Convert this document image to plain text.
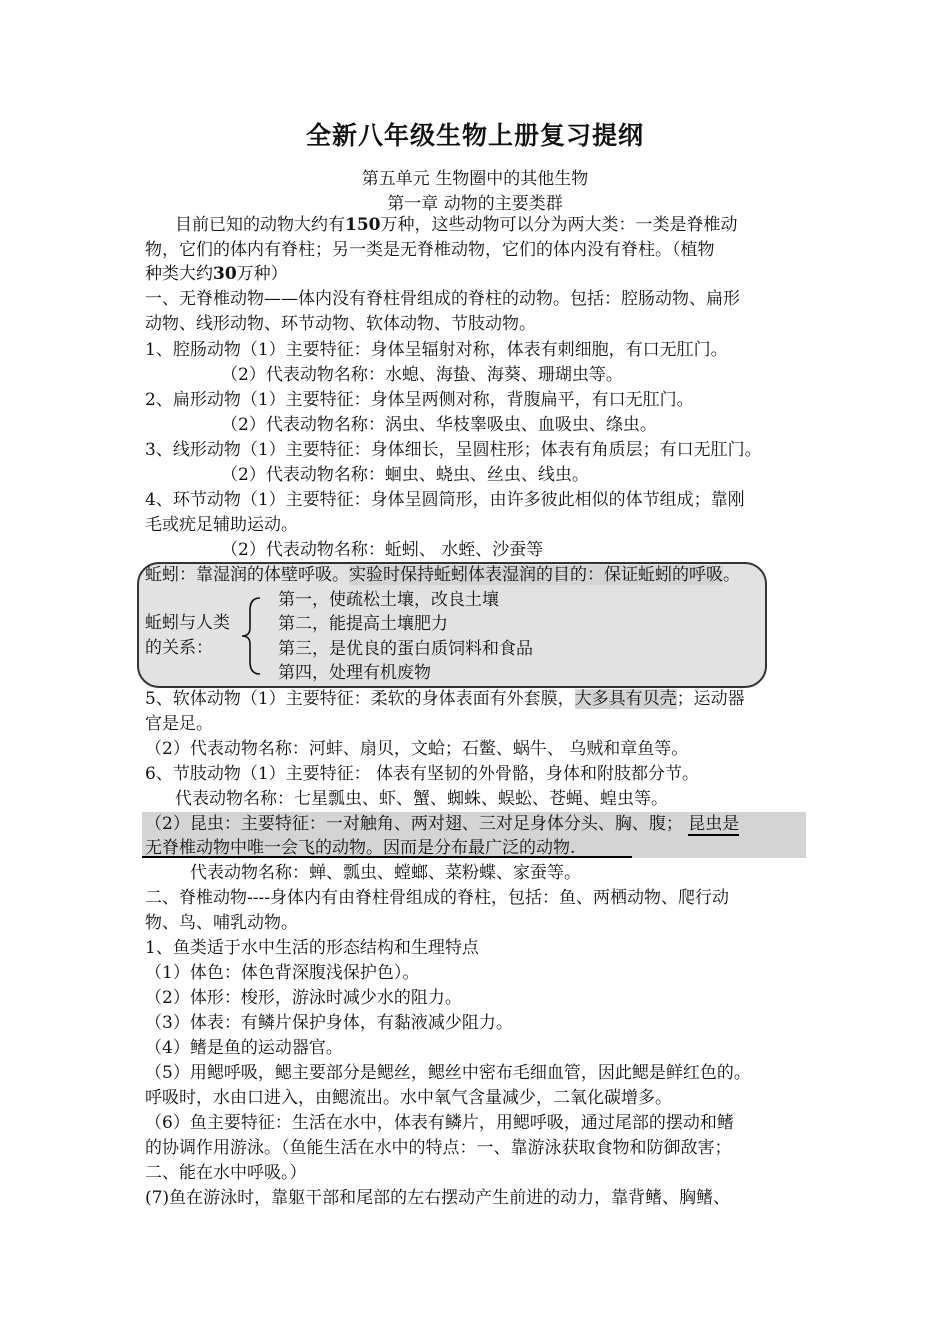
全新八年级生物上册复习提纲
第五单元 生物圈中的其他生物
第一章 动物的主要类群
目前已知的动物大约有150万种，这些动物可以分为两大类：一类是脊椎动
物，它们的体内有脊柱；另一类是无脊椎动物，它们的体内没有脊柱。（植物
种类大约30万种）
一、无脊椎动物——体内没有脊柱骨组成的脊柱的动物。包括：腔肠动物、扁形
动物、线形动物、环节动物、软体动物、节肢动物。
1、腔肠动物（1）主要特征：身体呈辐射对称，体表有刺细胞，有口无肛门。
（2）代表动物名称：水螅、海蛰、海葵、珊瑚虫等。
2、扁形动物（1）主要特征：身体呈两侧对称，背腹扁平，有口无肛门。
（2）代表动物名称：涡虫、华枝睾吸虫、血吸虫、绦虫。
3、线形动物（1）主要特征：身体细长，呈圆柱形；体表有角质层；有口无肛门。
（2）代表动物名称：蛔虫、蛲虫、丝虫、线虫。
4、环节动物（1）主要特征：身体呈圆筒形，由许多彼此相似的体节组成；靠刚
毛或疣足辅助运动。
（2）代表动物名称：蚯蚓、 水蛭、沙蚕等
蚯蚓：靠湿润的体壁呼吸。实验时保持蚯蚓体表湿润的目的：保证蚯蚓的呼吸。
蚯蚓与人类
的关系：
第一，使疏松土壤，改良土壤
第二，能提高土壤肥力
第三，是优良的蛋白质饲料和食品
第四，处理有机废物
5、软体动物（1）主要特征：柔软的身体表面有外套膜，大多具有贝壳；运动器
官是足。
（2）代表动物名称：河蚌、扇贝，文蛤；石鳖、蜗牛、 乌贼和章鱼等。
6、节肢动物（1）主要特征： 体表有坚韧的外骨骼，身体和附肢都分节。
代表动物名称：七星瓢虫、虾、蟹、蜘蛛、蜈蚣、苍蝇、蝗虫等。
（2）昆虫：主要特征：一对触角、两对翅、三对足身体分头、胸、腹； 昆虫是
无脊椎动物中唯一会飞的动物。因而是分布最广泛的动物.
代表动物名称：蝉、瓢虫、螳螂、菜粉蝶、家蚕等。
二、脊椎动物----身体内有由脊柱骨组成的脊柱，包括：鱼、两栖动物、爬行动
物、鸟、哺乳动物。
1、鱼类适于水中生活的形态结构和生理特点
（1）体色：体色背深腹浅保护色）。
（2）体形：梭形，游泳时减少水的阻力。
（3）体表：有鳞片保护身体，有黏液减少阻力。
（4）鳍是鱼的运动器官。
（5）用鳃呼吸，鳃主要部分是鳃丝，鳃丝中密布毛细血管，因此鳃是鲜红色的。
呼吸时，水由口进入，由鳃流出。水中氧气含量减少，二氧化碳增多。
（6）鱼主要特征：生活在水中，体表有鳞片，用鳃呼吸，通过尾部的摆动和鳍
的协调作用游泳。（鱼能生活在水中的特点：一、靠游泳获取食物和防御敌害；
二、能在水中呼吸。）
(7)鱼在游泳时，靠躯干部和尾部的左右摆动产生前进的动力，靠背鳍、胸鳍、
